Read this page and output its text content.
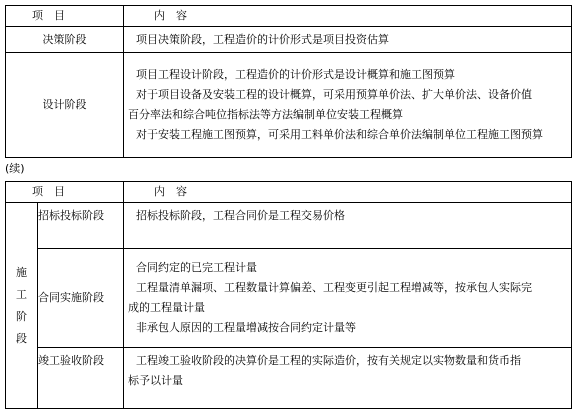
项　目	内　容
决策阶段	项目决策阶段，工程造价的计价形式是项目投资估算

设计阶段	项目工程设计阶段，工程造价的计价形式是设计概算和施工图预算
对于项目设备及安装工程的设计概算，可采用预算单价法、扩大单价法、设备价值
百分率法和综合吨位指标法等方法编制单位安装工程概算
对于安装工程施工图预算，可采用工料单价法和综合单价法编制单位工程施工图预算
(续)
项　目		内　容

施
工
阶
段	招标投标阶段	招标投标阶段，工程合同价是工程交易价格

	合同实施阶段	合同约定的已完工程计量
工程量清单漏项、工程数量计算偏差、工程变更引起工程增减等，按承包人实际完
成的工程量计量
非承包人原因的工程量增减按合同约定计量等

	竣工验收阶段	工程竣工验收阶段的决算价是工程的实际造价，按有关规定以实物数量和货币指
标予以计量
